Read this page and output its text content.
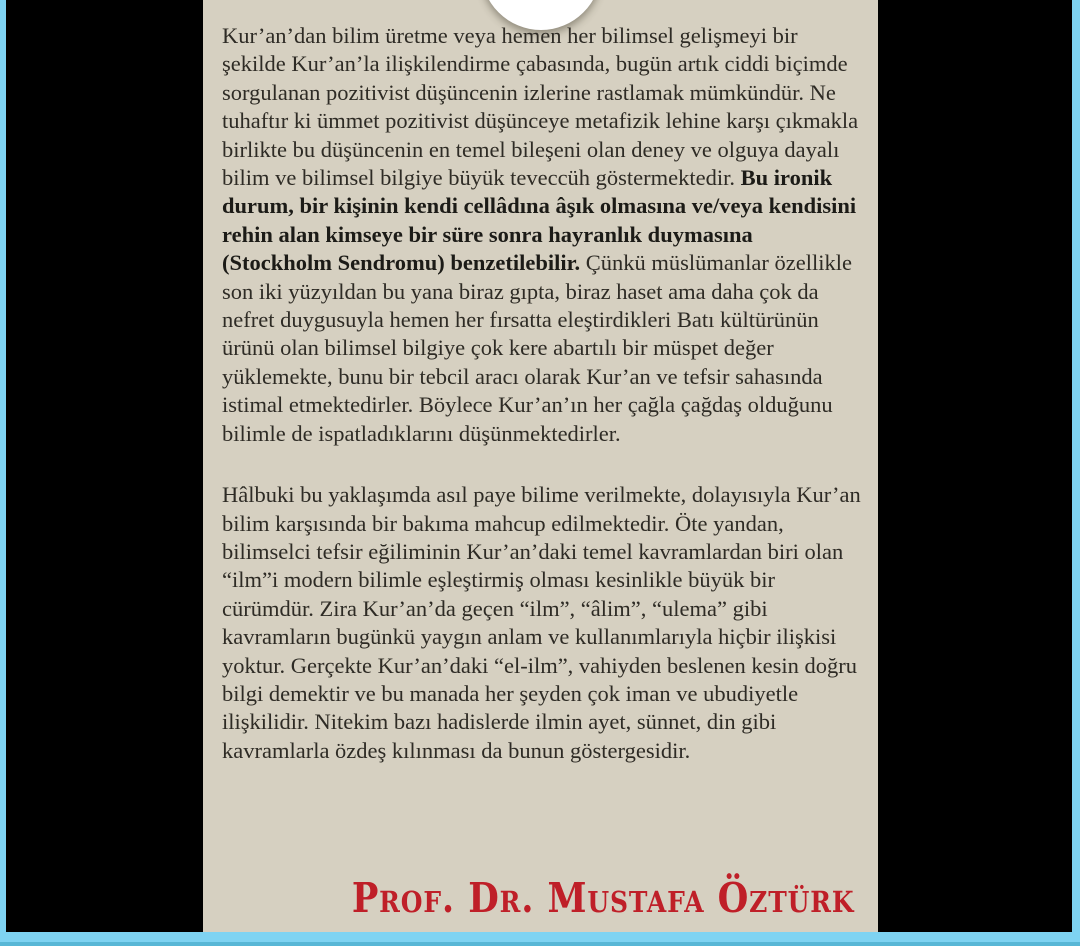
Kur’an’dan bilim üretme veya hemen her bilimsel gelişmeyi bir şekilde Kur’an’la ilişkilendirme çabasında, bugün artık ciddi biçimde sorgulanan pozitivist düşüncenin izlerine rastlamak mümkündür. Ne tuhaftır ki ümmet pozitivist düşünceye metafizik lehine karşı çıkmakla birlikte bu düşüncenin en temel bileşeni olan deney ve olguya dayalı bilim ve bilimsel bilgiye büyük teveccüh göstermektedir. Bu ironik durum, bir kişinin kendi cellâdına âşık olmasına ve/veya kendisini rehin alan kimseye bir süre sonra hayranlık duymasına (Stockholm Sendromu) benzetilebilir. Çünkü müslümanlar özellikle son iki yüzyıldan bu yana biraz gıpta, biraz haset ama daha çok da nefret duygusuyla hemen her fırsatta eleştirdikleri Batı kültürünün ürünü olan bilimsel bilgiye çok kere abartılı bir müspet değer yüklemekte, bunu bir tebcil aracı olarak Kur’an ve tefsir sahasında istimal etmektedirler. Böylece Kur’an’ın her çağla çağdaş olduğunu bilimle de ispatladıklarını düşünmektedirler.

Hâlbuki bu yaklaşımda asıl paye bilime verilmekte, dolayısıyla Kur’an bilim karşısında bir bakıma mahcup edilmektedir. Öte yandan, bilimselci tefsir eğiliminin Kur’an’daki temel kavramlardan biri olan “ilm”i modern bilimle eşleştirmiş olması kesinlikle büyük bir cürümdür. Zira Kur’an’da geçen “ilm”, “âlim”, “ulema” gibi kavramların bugünkü yaygın anlam ve kullanımlarıyla hiçbir ilişkisi yoktur. Gerçekte Kur’an’daki “el-ilm”, vahiyden beslenen kesin doğru bilgi demektir ve bu manada her şeyden çok iman ve ubudiyetle ilişkilidir. Nitekim bazı hadislerde ilmin ayet, sünnet, din gibi kavramlarla özdeş kılınması da bunun göstergesidir.

Prof. Dr. Mustafa Öztürk
